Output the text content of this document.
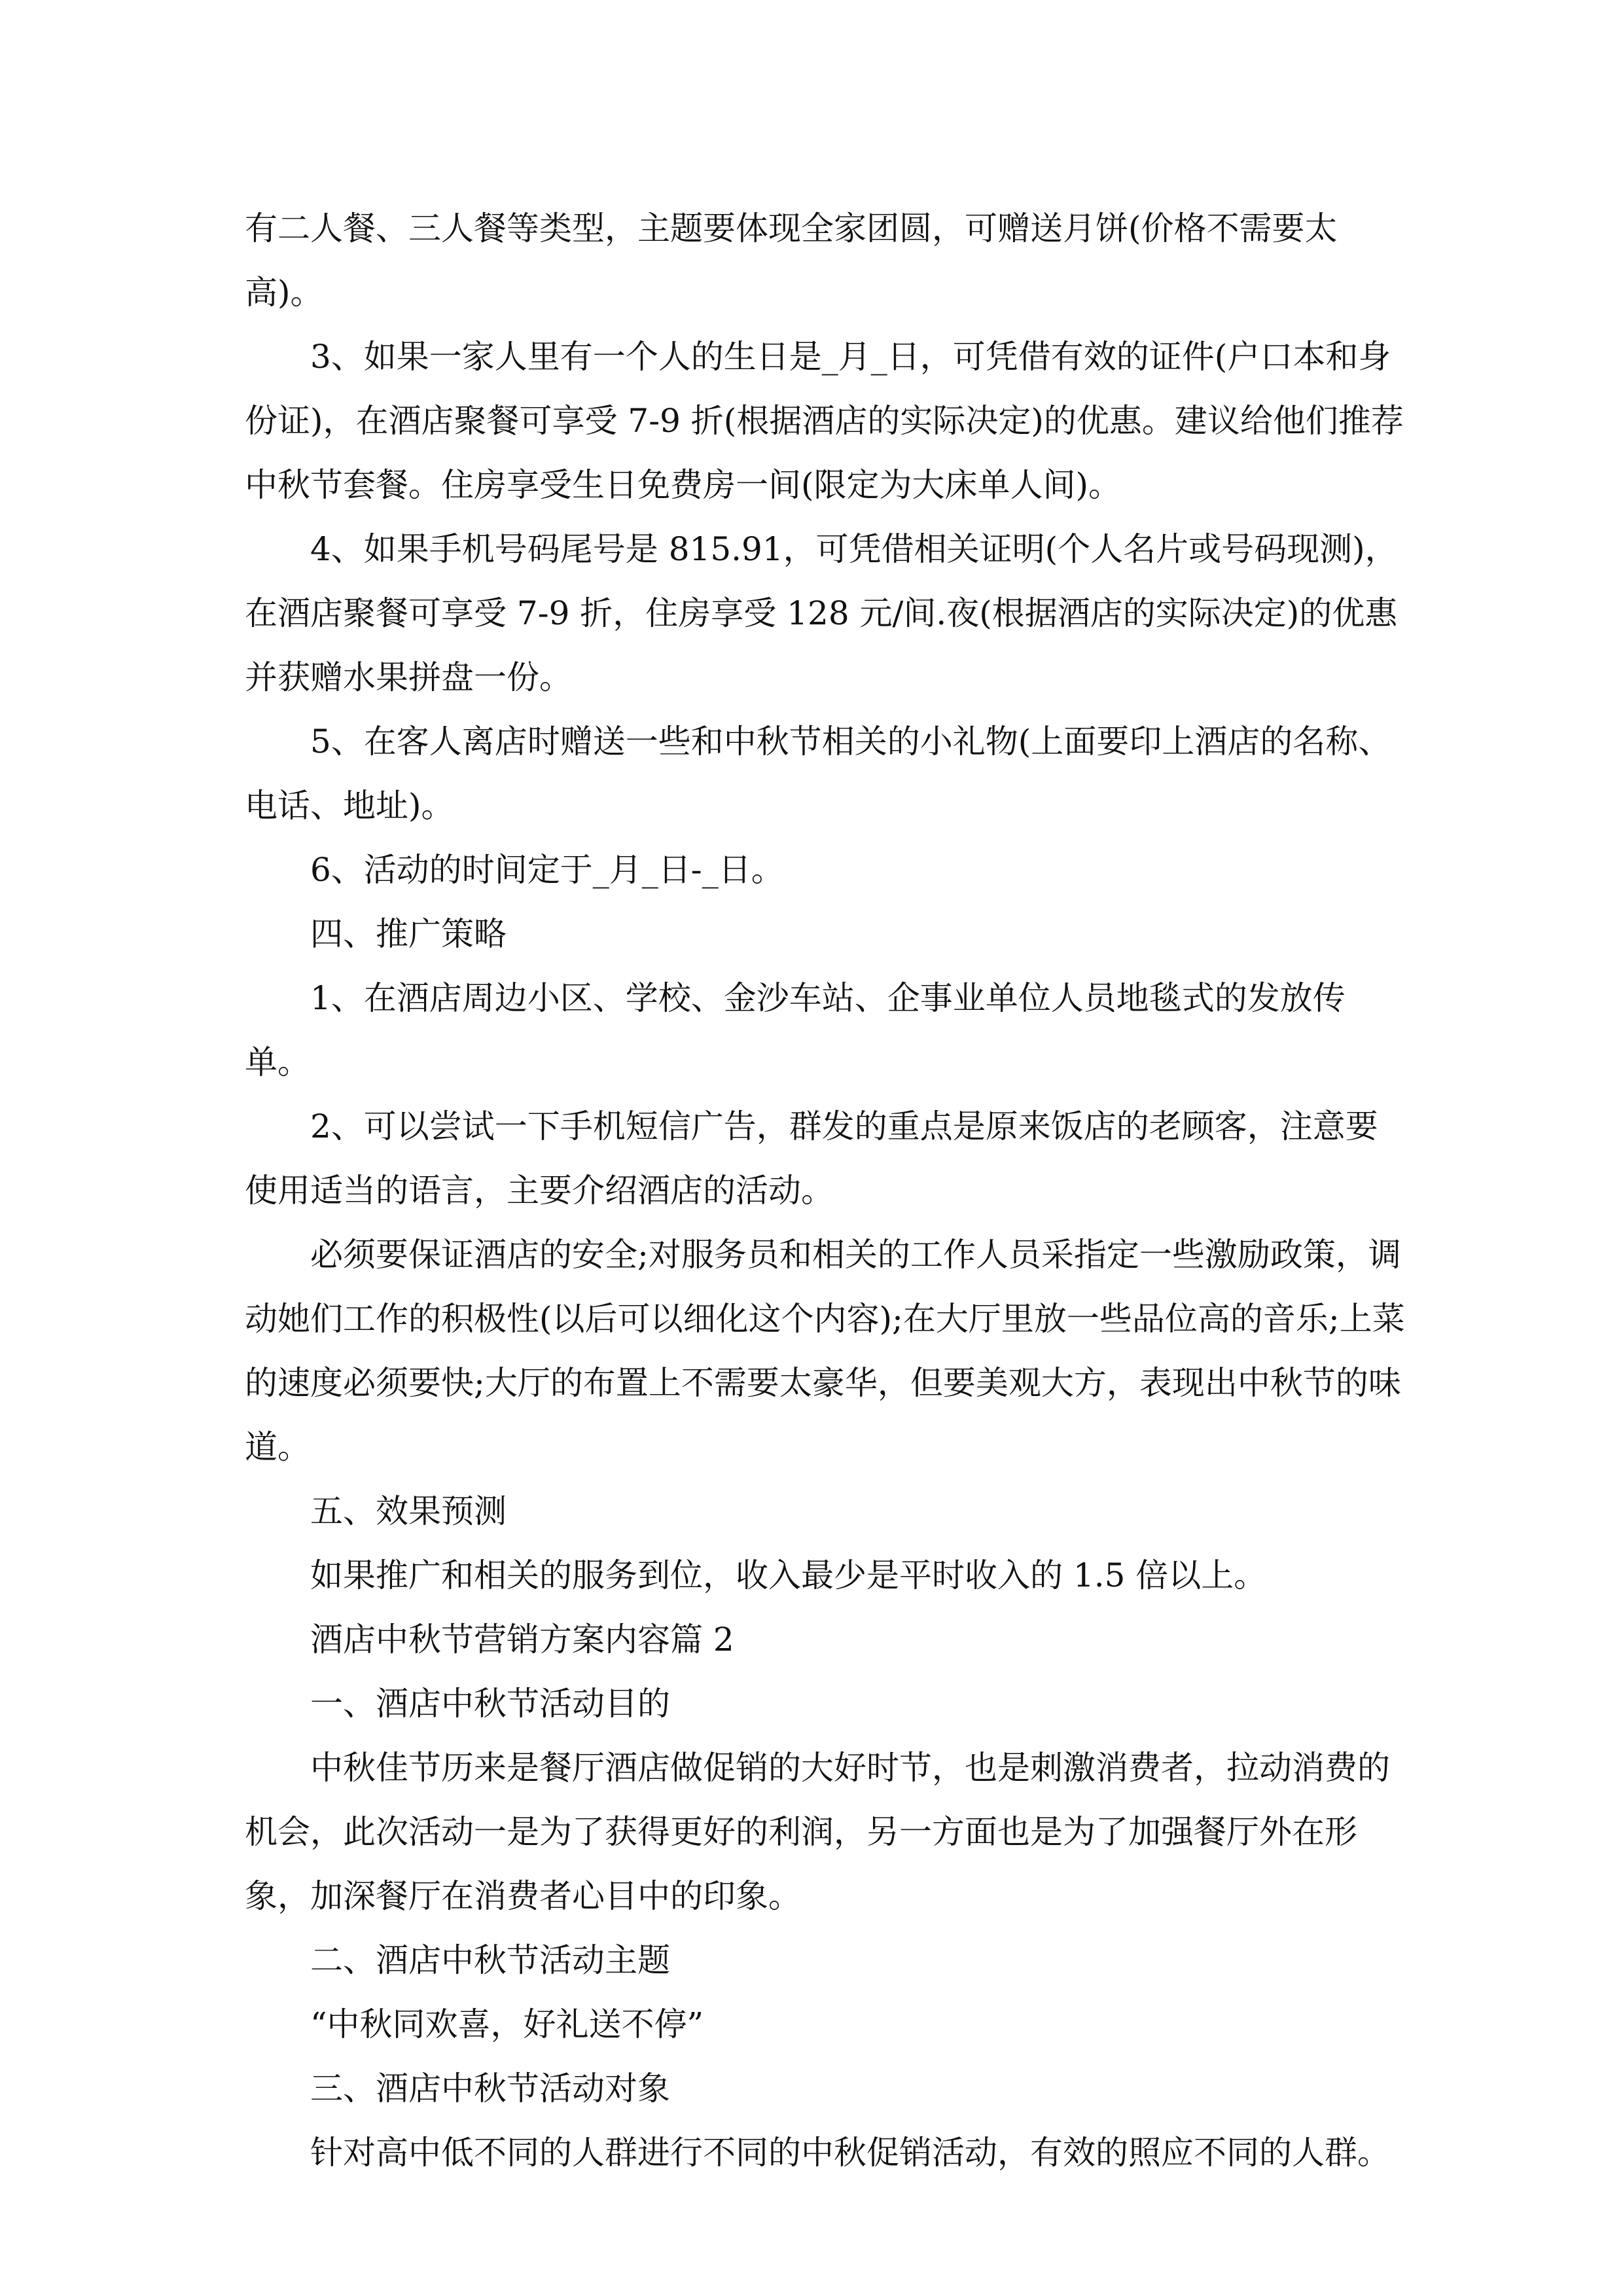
有二人餐、三人餐等类型，主题要体现全家团圆，可赠送月饼(价格不需要太高)。

3、如果一家人里有一个人的生日是_月_日，可凭借有效的证件(户口本和身份证)，在酒店聚餐可享受 7-9 折(根据酒店的实际决定)的优惠。建议给他们推荐中秋节套餐。住房享受生日免费房一间(限定为大床单人间)。

4、如果手机号码尾号是 815.91，可凭借相关证明(个人名片或号码现测)，在酒店聚餐可享受 7-9 折，住房享受 128 元/间.夜(根据酒店的实际决定)的优惠并获赠水果拼盘一份。

5、在客人离店时赠送一些和中秋节相关的小礼物(上面要印上酒店的名称、电话、地址)。

6、活动的时间定于_月_日-_日。

四、推广策略

1、在酒店周边小区、学校、金沙车站、企事业单位人员地毯式的发放传单。

2、可以尝试一下手机短信广告，群发的重点是原来饭店的老顾客，注意要使用适当的语言，主要介绍酒店的活动。

必须要保证酒店的安全;对服务员和相关的工作人员采指定一些激励政策，调动她们工作的积极性(以后可以细化这个内容);在大厅里放一些品位高的音乐;上菜的速度必须要快;大厅的布置上不需要太豪华，但要美观大方，表现出中秋节的味道。

五、效果预测

如果推广和相关的服务到位，收入最少是平时收入的 1.5 倍以上。

酒店中秋节营销方案内容篇 2

一、酒店中秋节活动目的

中秋佳节历来是餐厅酒店做促销的大好时节，也是刺激消费者，拉动消费的机会，此次活动一是为了获得更好的利润，另一方面也是为了加强餐厅外在形象，加深餐厅在消费者心目中的印象。

二、酒店中秋节活动主题

“中秋同欢喜，好礼送不停”

三、酒店中秋节活动对象

针对高中低不同的人群进行不同的中秋促销活动，有效的照应不同的人群。
